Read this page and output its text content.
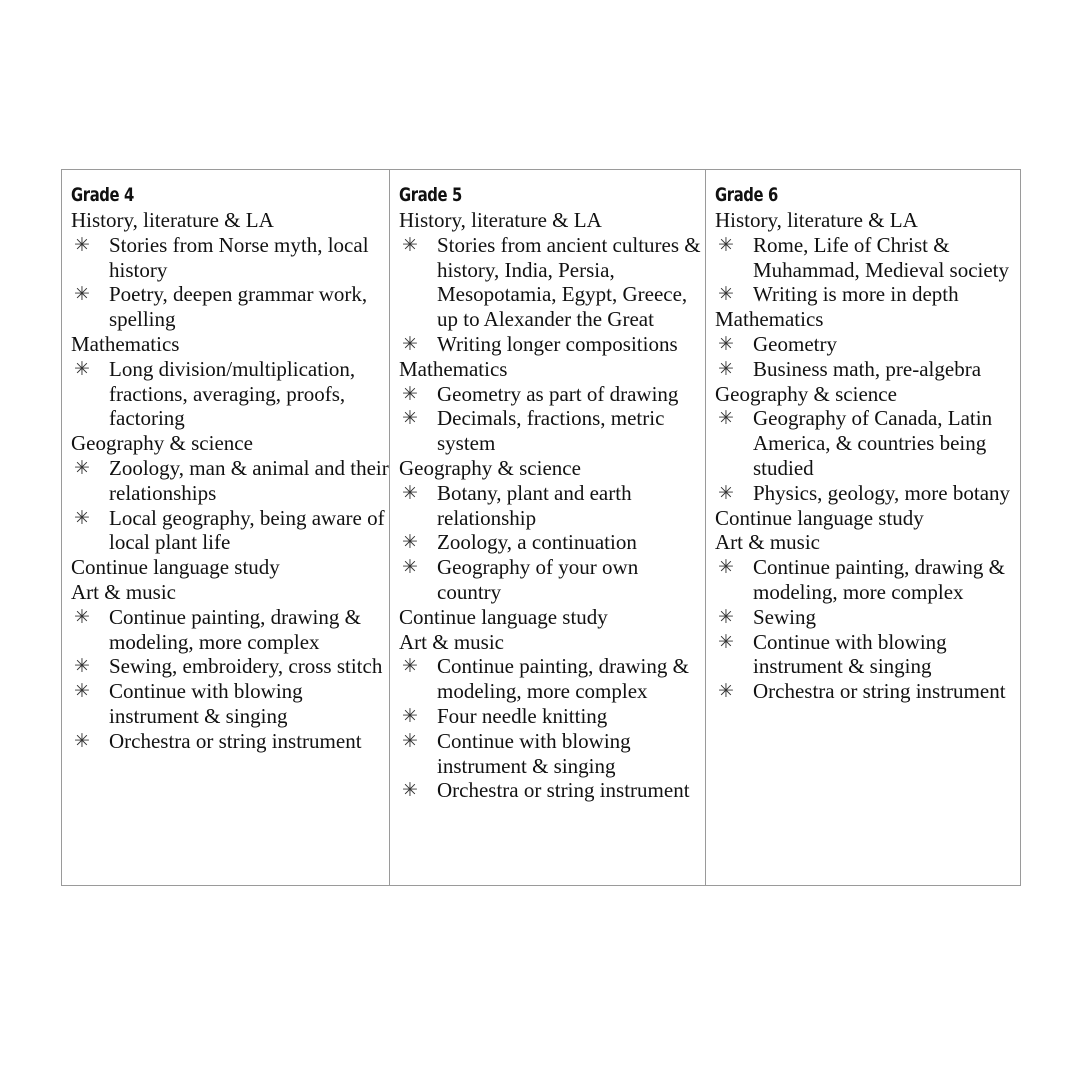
Grade 4
History, literature & LA
✳ Stories from Norse myth, local history
✳ Poetry, deepen grammar work, spelling
Mathematics
✳ Long division/multiplication, fractions, averaging, proofs, factoring
Geography & science
✳ Zoology, man & animal and their relationships
✳ Local geography, being aware of local plant life
Continue language study
Art & music
✳ Continue painting, drawing & modeling, more complex
✳ Sewing, embroidery, cross stitch
✳ Continue with blowing instrument & singing
✳ Orchestra or string instrument
Grade 5
History, literature & LA
✳ Stories from ancient cultures & history, India, Persia, Mesopotamia, Egypt, Greece, up to Alexander the Great
✳ Writing longer compositions
Mathematics
✳ Geometry as part of drawing
✳ Decimals, fractions, metric system
Geography & science
✳ Botany, plant and earth relationship
✳ Zoology, a continuation
✳ Geography of your own country
Continue language study
Art & music
✳ Continue painting, drawing & modeling, more complex
✳ Four needle knitting
✳ Continue with blowing instrument & singing
✳ Orchestra or string instrument
Grade 6
History, literature & LA
✳ Rome, Life of Christ & Muhammad, Medieval society
✳ Writing is more in depth
Mathematics
✳ Geometry
✳ Business math, pre-algebra
Geography & science
✳ Geography of Canada, Latin America, & countries being studied
✳ Physics, geology, more botany
Continue language study
Art & music
✳ Continue painting, drawing & modeling, more complex
✳ Sewing
✳ Continue with blowing instrument & singing
✳ Orchestra or string instrument
